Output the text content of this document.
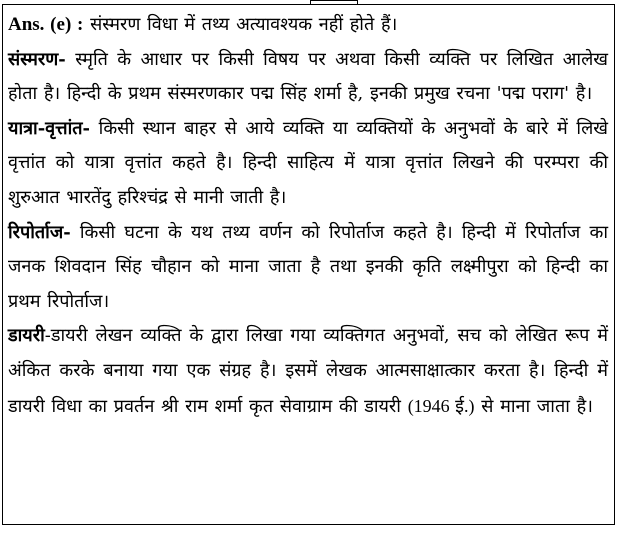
Ans. (e) : संस्मरण विधा में तथ्य अत्यावश्यक नहीं होते हैं।

संस्मरण- स्मृति के आधार पर किसी विषय पर अथवा किसी व्यक्ति पर लिखित आलेख होता है। हिन्दी के प्रथम संस्मरणकार पद्म सिंह शर्मा है, इनकी प्रमुख रचना 'पद्म पराग' है।

यात्रा-वृत्तांत- किसी स्थान बाहर से आये व्यक्ति या व्यक्तियों के अनुभवों के बारे में लिखे वृत्तांत को यात्रा वृत्तांत कहते है। हिन्दी साहित्य में यात्रा वृत्तांत लिखने की परम्परा की शुरुआत भारतेंदु हरिश्चंद्र से मानी जाती है।

रिपोर्ताज- किसी घटना के यथ तथ्य वर्णन को रिपोर्ताज कहते है। हिन्दी में रिपोर्ताज का जनक शिवदान सिंह चौहान को माना जाता है तथा इनकी कृति लक्ष्मीपुरा को हिन्दी का प्रथम रिपोर्ताज।

डायरी-डायरी लेखन व्यक्ति के द्वारा लिखा गया व्यक्तिगत अनुभवों, सच को लेखित रूप में अंकित करके बनाया गया एक संग्रह है। इसमें लेखक आत्मसाक्षात्कार करता है। हिन्दी में डायरी विधा का प्रवर्तन श्री राम शर्मा कृत सेवाग्राम की डायरी (1946 ई.) से माना जाता है।
